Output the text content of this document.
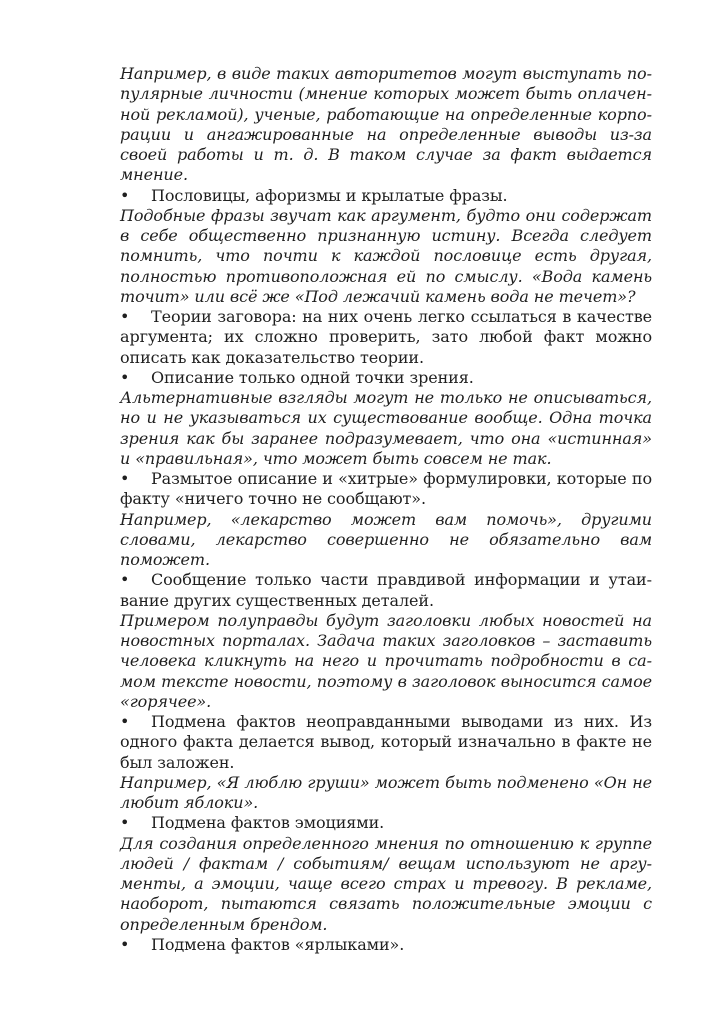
Например, в виде таких авторитетов могут выступать популярные личности (мнение которых может быть оплаченной рекламой), ученые, работающие на определенные корпорации и ангажированные на определенные выводы из-за своей работы и т. д. В таком случае за факт выдается мнение.

• Пословицы, афоризмы и крылатые фразы.

Подобные фразы звучат как аргумент, будто они содержат в себе общественно признанную истину. Всегда следует помнить, что почти к каждой пословице есть другая, полностью противоположная ей по смыслу. «Вода камень точит» или всё же «Под лежачий камень вода не течет»?

• Теории заговора: на них очень легко ссылаться в качестве аргумента; их сложно проверить, зато любой факт можно описать как доказательство теории.

• Описание только одной точки зрения.

Альтернативные взгляды могут не только не описываться, но и не указываться их существование вообще. Одна точка зрения как бы заранее подразумевает, что она «истинная» и «правильная», что может быть совсем не так.

• Размытое описание и «хитрые» формулировки, которые по факту «ничего точно не сообщают».

Например, «лекарство может вам помочь», другими словами, лекарство совершенно не обязательно вам поможет.

• Сообщение только части правдивой информации и утаивание других существенных деталей.

Примером полуправды будут заголовки любых новостей на новостных порталах. Задача таких заголовков – заставить человека кликнуть на него и прочитать подробности в самом тексте новости, поэтому в заголовок выносится самое «горячее».

• Подмена фактов неоправданными выводами из них. Из одного факта делается вывод, который изначально в факте не был заложен.

Например, «Я люблю груши» может быть подменено «Он не любит яблоки».

• Подмена фактов эмоциями.

Для создания определенного мнения по отношению к группе людей / фактам / событиям/ вещам используют не аргументы, а эмоции, чаще всего страх и тревогу. В рекламе, наоборот, пытаются связать положительные эмоции с определенным брендом.

• Подмена фактов «ярлыками».
